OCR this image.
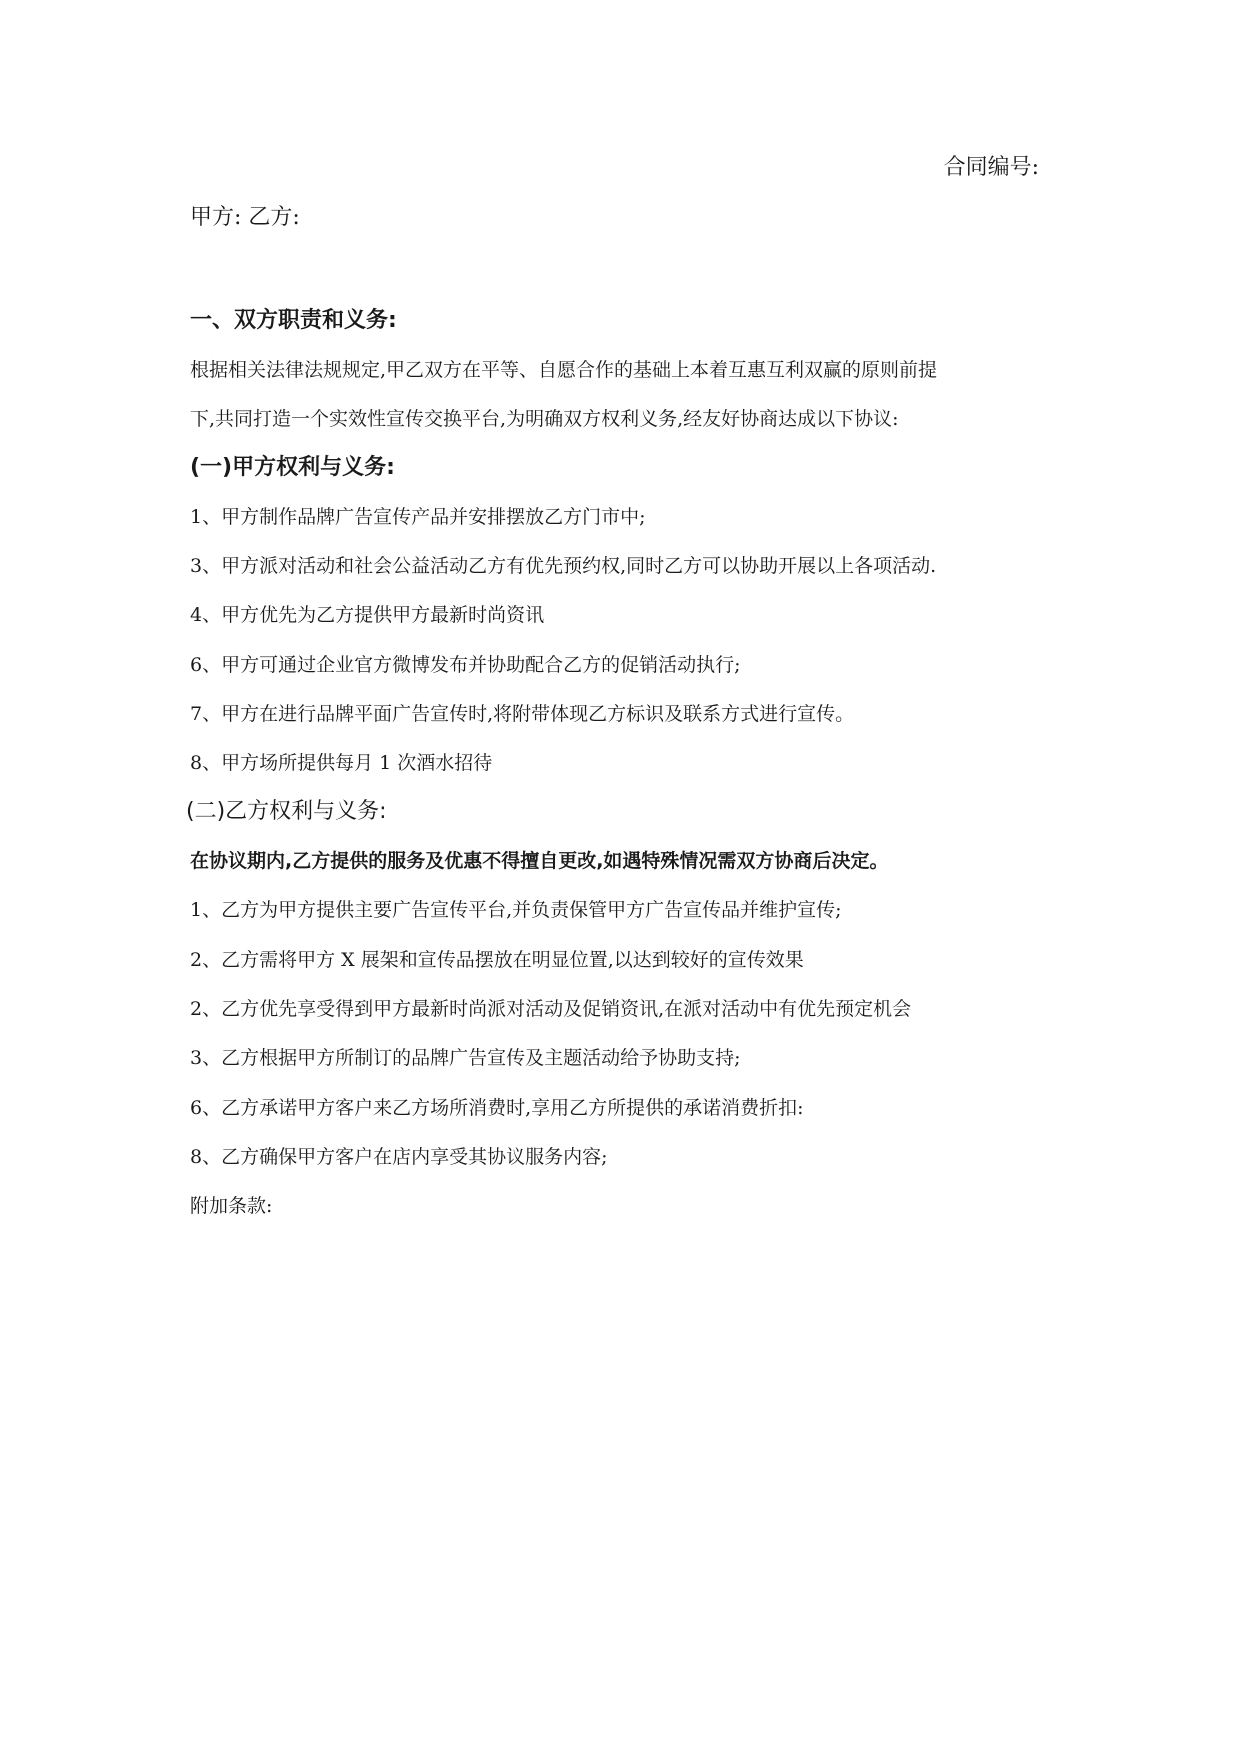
合同编号:
甲方: 乙方:
一、双方职责和义务:
根据相关法律法规规定,甲乙双方在平等、自愿合作的基础上本着互惠互利双赢的原则前提
下,共同打造一个实效性宣传交换平台,为明确双方权利义务,经友好协商达成以下协议:
(一)甲方权利与义务:
1、甲方制作品牌广告宣传产品并安排摆放乙方门市中;
3、甲方派对活动和社会公益活动乙方有优先预约权,同时乙方可以协助开展以上各项活动.
4、甲方优先为乙方提供甲方最新时尚资讯
6、甲方可通过企业官方微博发布并协助配合乙方的促销活动执行;
7、甲方在进行品牌平面广告宣传时,将附带体现乙方标识及联系方式进行宣传。
8、甲方场所提供每月 1 次酒水招待
(二)乙方权利与义务:
在协议期内,乙方提供的服务及优惠不得擅自更改,如遇特殊情况需双方协商后决定。
1、乙方为甲方提供主要广告宣传平台,并负责保管甲方广告宣传品并维护宣传;
2、乙方需将甲方 X 展架和宣传品摆放在明显位置,以达到较好的宣传效果
2、乙方优先享受得到甲方最新时尚派对活动及促销资讯,在派对活动中有优先预定机会
3、乙方根据甲方所制订的品牌广告宣传及主题活动给予协助支持;
6、乙方承诺甲方客户来乙方场所消费时,享用乙方所提供的承诺消费折扣:
8、乙方确保甲方客户在店内享受其协议服务内容;
附加条款:
